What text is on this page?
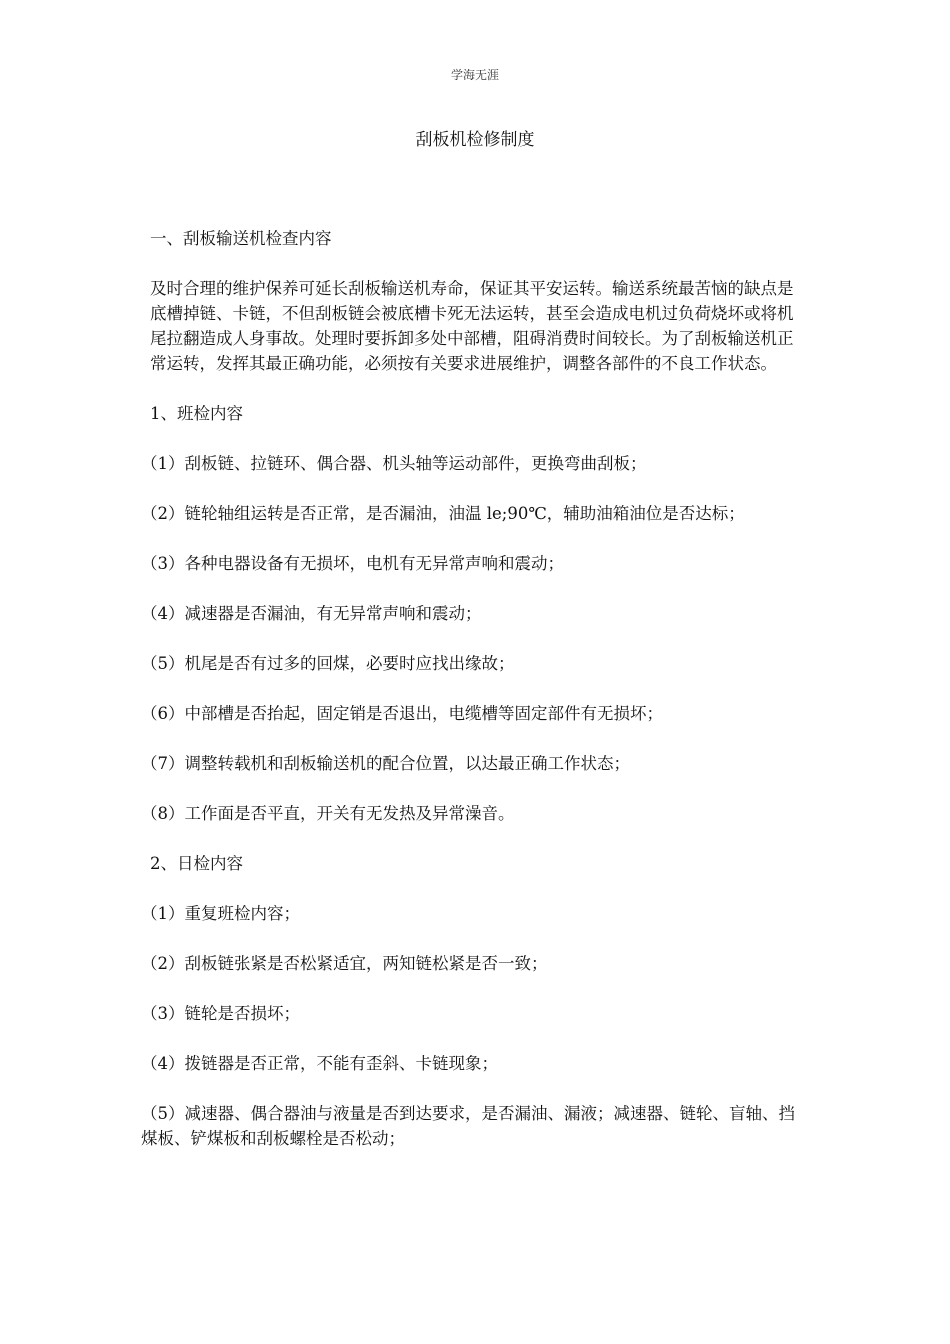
学海无涯
刮板机检修制度

一、刮板输送机检查内容

及时合理的维护保养可延长刮板输送机寿命，保证其平安运转。输送系统最苦恼的缺点是底槽掉链、卡链，不但刮板链会被底槽卡死无法运转，甚至会造成电机过负荷烧坏或将机尾拉翻造成人身事故。处理时要拆卸多处中部槽，阻碍消费时间较长。为了刮板输送机正常运转，发挥其最正确功能，必须按有关要求进展维护，调整各部件的不良工作状态。

1、班检内容

（1）刮板链、拉链环、偶合器、机头轴等运动部件，更换弯曲刮板；

（2）链轮轴组运转是否正常，是否漏油，油温 le;90℃，辅助油箱油位是否达标；

（3）各种电器设备有无损坏，电机有无异常声响和震动；

（4）减速器是否漏油，有无异常声响和震动；

（5）机尾是否有过多的回煤，必要时应找出缘故；

（6）中部槽是否抬起，固定销是否退出，电缆槽等固定部件有无损坏；

（7）调整转载机和刮板输送机的配合位置，以达最正确工作状态；

（8）工作面是否平直，开关有无发热及异常澡音。

2、日检内容

（1）重复班检内容；

（2）刮板链张紧是否松紧适宜，两知链松紧是否一致；

（3）链轮是否损坏；

（4）拨链器是否正常，不能有歪斜、卡链现象；

（5）减速器、偶合器油与液量是否到达要求，是否漏油、漏液；减速器、链轮、盲轴、挡煤板、铲煤板和刮板螺栓是否松动；
